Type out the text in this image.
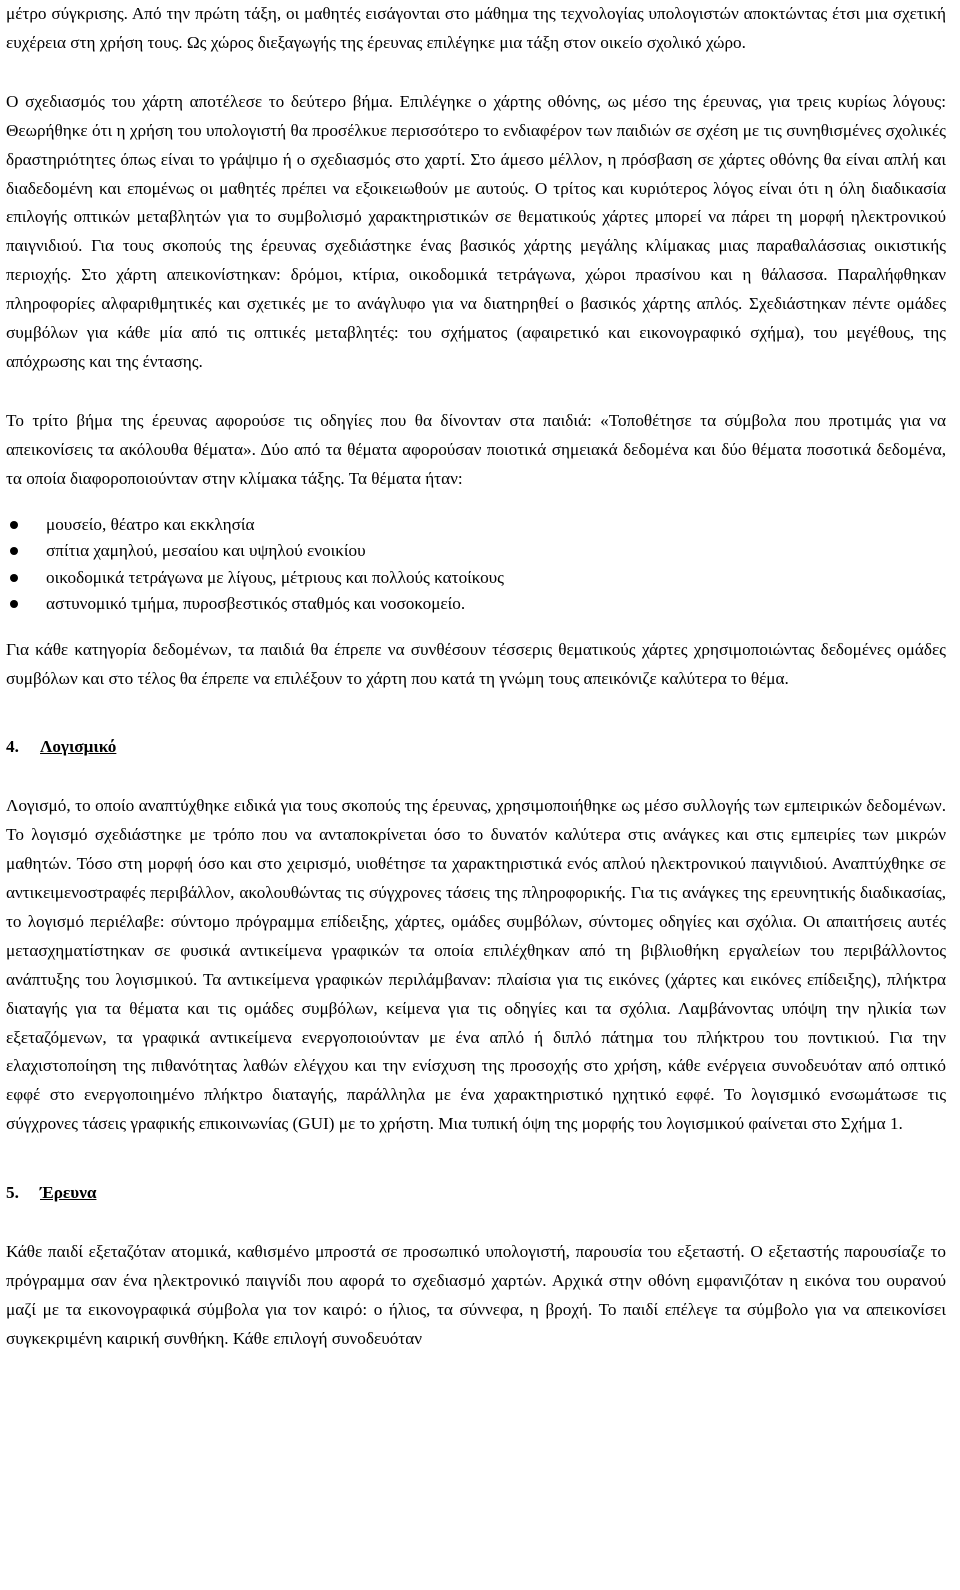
μέτρο σύγκρισης. Από την πρώτη τάξη, οι μαθητές εισάγονται στο μάθημα της τεχνολογίας υπολογιστών αποκτώντας έτσι μια σχετική ευχέρεια στη χρήση τους. Ως χώρος διεξαγωγής της έρευνας επιλέγηκε μια τάξη στον οικείο σχολικό χώρο.

Ο σχεδιασμός του χάρτη αποτέλεσε το δεύτερο βήμα. Επιλέγηκε ο χάρτης οθόνης, ως μέσο της έρευνας, για τρεις κυρίως λόγους: Θεωρήθηκε ότι η χρήση του υπολογιστή θα προσέλκυε περισσότερο το ενδιαφέρον των παιδιών σε σχέση με τις συνηθισμένες σχολικές δραστηριότητες όπως είναι το γράψιμο ή ο σχεδιασμός στο χαρτί. Στο άμεσο μέλλον, η πρόσβαση σε χάρτες οθόνης θα είναι απλή και διαδεδομένη και επομένως οι μαθητές πρέπει να εξοικειωθούν με αυτούς. Ο τρίτος και κυριότερος λόγος είναι ότι η όλη διαδικασία επιλογής οπτικών μεταβλητών για το συμβολισμό χαρακτηριστικών σε θεματικούς χάρτες μπορεί να πάρει τη μορφή ηλεκτρονικού παιγνιδιού. Για τους σκοπούς της έρευνας σχεδιάστηκε ένας βασικός χάρτης μεγάλης κλίμακας μιας παραθαλάσσιας οικιστικής περιοχής. Στο χάρτη απεικονίστηκαν: δρόμοι, κτίρια, οικοδομικά τετράγωνα, χώροι πρασίνου και η θάλασσα. Παραλήφθηκαν πληροφορίες αλφαριθμητικές και σχετικές με το ανάγλυφο για να διατηρηθεί ο βασικός χάρτης απλός. Σχεδιάστηκαν πέντε ομάδες συμβόλων για κάθε μία από τις οπτικές μεταβλητές: του σχήματος (αφαιρετικό και εικονογραφικό σχήμα), του μεγέθους, της απόχρωσης και της έντασης.

Το τρίτο βήμα της έρευνας αφορούσε τις οδηγίες που θα δίνονταν στα παιδιά: «Τοποθέτησε τα σύμβολα που προτιμάς για να απεικονίσεις τα ακόλουθα θέματα». Δύο από τα θέματα αφορούσαν ποιοτικά σημειακά δεδομένα και δύο θέματα ποσοτικά δεδομένα, τα οποία διαφοροποιούνταν στην κλίμακα τάξης. Τα θέματα ήταν:

μουσείο, θέατρο και εκκλησία
σπίτια χαμηλού, μεσαίου και υψηλού ενοικίου
οικοδομικά τετράγωνα με λίγους, μέτριους και πολλούς κατοίκους
αστυνομικό τμήμα, πυροσβεστικός σταθμός και νοσοκομείο.

Για κάθε κατηγορία δεδομένων, τα παιδιά θα έπρεπε να συνθέσουν τέσσερις θεματικούς χάρτες χρησιμοποιώντας δεδομένες ομάδες συμβόλων και στο τέλος θα έπρεπε να επιλέξουν το χάρτη που κατά τη γνώμη τους απεικόνιζε καλύτερα το θέμα.

4. Λογισμικό

Λογισμό, το οποίο αναπτύχθηκε ειδικά για τους σκοπούς της έρευνας, χρησιμοποιήθηκε ως μέσο συλλογής των εμπειρικών δεδομένων. Το λογισμό σχεδιάστηκε με τρόπο που να ανταποκρίνεται όσο το δυνατόν καλύτερα στις ανάγκες και στις εμπειρίες των μικρών μαθητών. Τόσο στη μορφή όσο και στο χειρισμό, υιοθέτησε τα χαρακτηριστικά ενός απλού ηλεκτρονικού παιγνιδιού. Αναπτύχθηκε σε αντικειμενοστραφές περιβάλλον, ακολουθώντας τις σύγχρονες τάσεις της πληροφορικής. Για τις ανάγκες της ερευνητικής διαδικασίας, το λογισμό περιέλαβε: σύντομο πρόγραμμα επίδειξης, χάρτες, ομάδες συμβόλων, σύντομες οδηγίες και σχόλια. Οι απαιτήσεις αυτές μετασχηματίστηκαν σε φυσικά αντικείμενα γραφικών τα οποία επιλέχθηκαν από τη βιβλιοθήκη εργαλείων του περιβάλλοντος ανάπτυξης του λογισμικού. Τα αντικείμενα γραφικών περιλάμβαναν: πλαίσια για τις εικόνες (χάρτες και εικόνες επίδειξης), πλήκτρα διαταγής για τα θέματα και τις ομάδες συμβόλων, κείμενα για τις οδηγίες και τα σχόλια. Λαμβάνοντας υπόψη την ηλικία των εξεταζόμενων, τα γραφικά αντικείμενα ενεργοποιούνταν με ένα απλό ή διπλό πάτημα του πλήκτρου του ποντικιού. Για την ελαχιστοποίηση της πιθανότητας λαθών ελέγχου και την ενίσχυση της προσοχής στο χρήση, κάθε ενέργεια συνοδευόταν από οπτικό εφφέ στο ενεργοποιημένο πλήκτρο διαταγής, παράλληλα με ένα χαρακτηριστικό ηχητικό εφφέ. Το λογισμικό ενσωμάτωσε τις σύγχρονες τάσεις γραφικής επικοινωνίας (GUI) με το χρήστη. Μια τυπική όψη της μορφής του λογισμικού φαίνεται στο Σχήμα 1.

5. Έρευνα

Κάθε παιδί εξεταζόταν ατομικά, καθισμένο μπροστά σε προσωπικό υπολογιστή, παρουσία του εξεταστή. Ο εξεταστής παρουσίαζε το πρόγραμμα σαν ένα ηλεκτρονικό παιγνίδι που αφορά το σχεδιασμό χαρτών. Αρχικά στην οθόνη εμφανιζόταν η εικόνα του ουρανού μαζί με τα εικονογραφικά σύμβολα για τον καιρό: ο ήλιος, τα σύννεφα, η βροχή. Το παιδί επέλεγε τα σύμβολο για να απεικονίσει συγκεκριμένη καιρική συνθήκη. Κάθε επιλογή συνοδευόταν
